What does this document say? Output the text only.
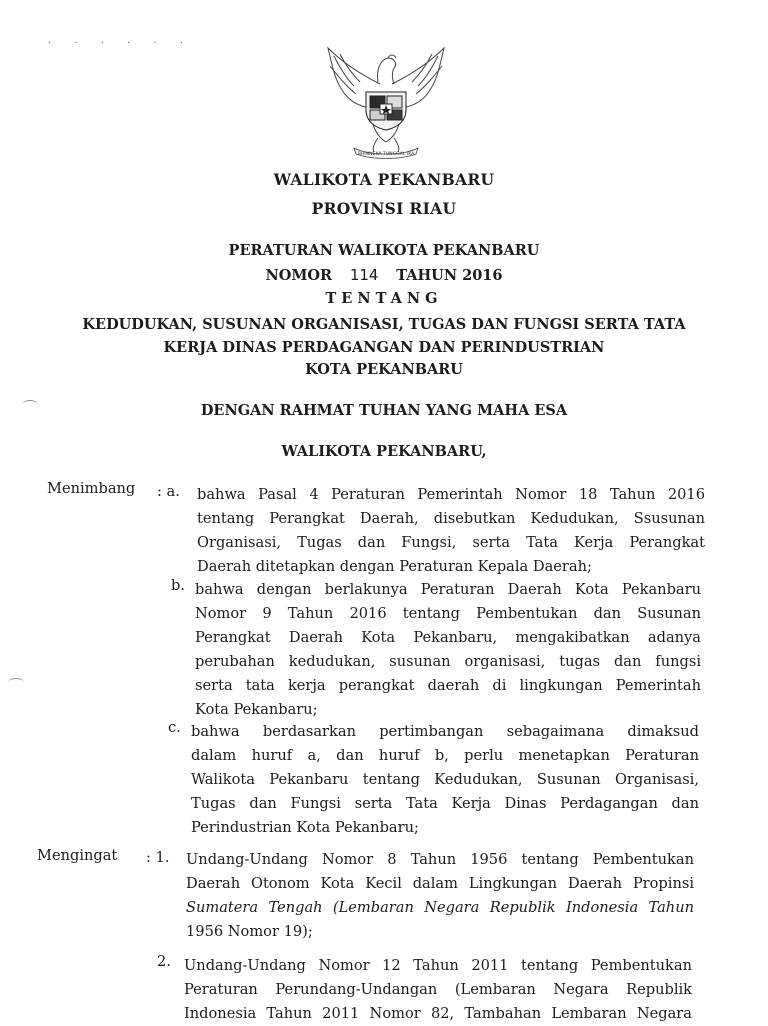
· · · · · ·
BHINNEKA TUNGGAL IKA
WALIKOTA PEKANBARU
PROVINSI RIAU
PERATURAN WALIKOTA PEKANBARU
NOMOR 114 TAHUN 2016
TENTANG
KEDUDUKAN, SUSUNAN ORGANISASI, TUGAS DAN FUNGSI SERTA TATA
KERJA DINAS PERDAGANGAN DAN PERINDUSTRIAN
KOTA PEKANBARU
DENGAN RAHMAT TUHAN YANG MAHA ESA
WALIKOTA PEKANBARU,
Menimbang : a. bahwa Pasal 4 Peraturan Pemerintah Nomor 18 Tahun 2016
tentang Perangkat Daerah, disebutkan Kedudukan, Ssusunan
Organisasi, Tugas dan Fungsi, serta Tata Kerja Perangkat
Daerah ditetapkan dengan Peraturan Kepala Daerah;
b. bahwa dengan berlakunya Peraturan Daerah Kota Pekanbaru
Nomor 9 Tahun 2016 tentang Pembentukan dan Susunan
Perangkat Daerah Kota Pekanbaru, mengakibatkan adanya
perubahan kedudukan, susunan organisasi, tugas dan fungsi
serta tata kerja perangkat daerah di lingkungan Pemerintah
Kota Pekanbaru;
c. bahwa berdasarkan pertimbangan sebagaimana dimaksud
dalam huruf a, dan huruf b, perlu menetapkan Peraturan
Walikota Pekanbaru tentang Kedudukan, Susunan Organisasi,
Tugas dan Fungsi serta Tata Kerja Dinas Perdagangan dan
Perindustrian Kota Pekanbaru;
Mengingat : 1. Undang-Undang Nomor 8 Tahun 1956 tentang Pembentukan
Daerah Otonom Kota Kecil dalam Lingkungan Daerah Propinsi
Sumatera Tengah (Lembaran Negara Republik Indonesia Tahun
1956 Nomor 19);
2. Undang-Undang Nomor 12 Tahun 2011 tentang Pembentukan
Peraturan Perundang-Undangan (Lembaran Negara Republik
Indonesia Tahun 2011 Nomor 82, Tambahan Lembaran Negara
